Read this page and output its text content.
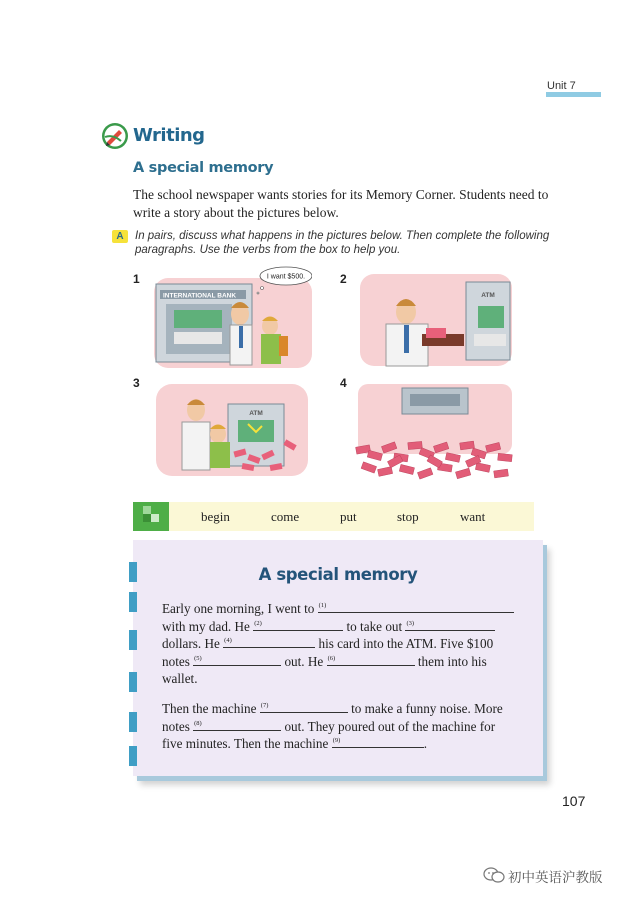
Unit 7
Writing
A special memory
The school newspaper wants stories for its Memory Corner. Students need to write a story about the pictures below.
A In pairs, discuss what happens in the pictures below. Then complete the following paragraphs. Use the verbs from the box to help you.
1
INTERNATIONAL BANK
I want $500.	2
ATM
3
ATM
4
begin	come	put	stop	want
A special memory
Early one morning, I went to (1)

with my dad. He (2)	to take out (3)

dollars. He (4)	his card into the ATM. Five $100
notes (5)	out. He (6)	them into his
wallet.
Then the machine (7)	to make a funny noise. More
notes (8)	out. They poured out of the machine for
five minutes. Then the machine (9)	.
107
初中英语沪教版
